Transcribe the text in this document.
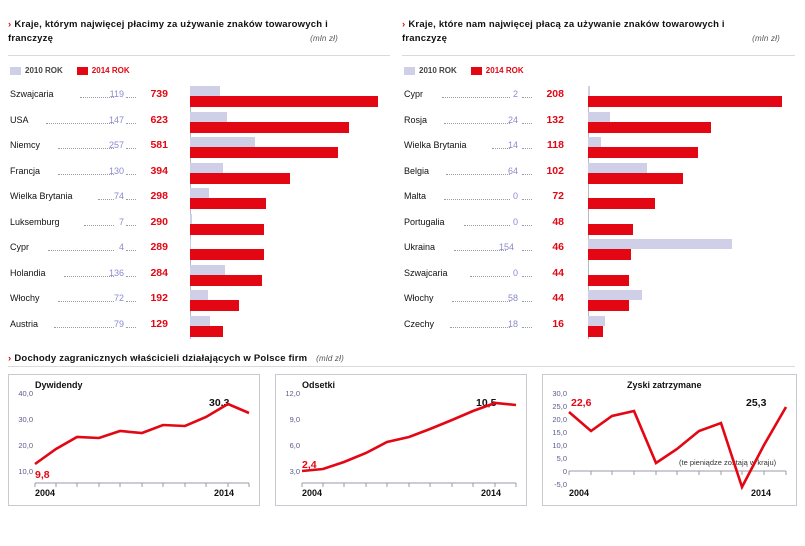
› Kraje, którym najwięcej płacimy za używanie znaków towarowych i franczyzę	(mln zł)
2010 ROK	2014 ROK
Szwajcaria	119	739
USA	147	623
Niemcy	257	581
Francja	130	394
Wielka Brytania	74	298
Luksemburg	7	290
Cypr	4	289
Holandia	136	284
Włochy	72	192
Austria	79	129
› Kraje, które nam najwięcej płacą za używanie znaków towarowych i franczyzę	(mln zł)
2010 ROK	2014 ROK
Cypr	2	208
Rosja	24	132
Wielka Brytania	14	118
Belgia	64	102
Malta	0	72
Portugalia	0	48
Ukraina	154	46
Szwajcaria	0	44
Włochy	58	44
Czechy	18	16
› Dochody zagranicznych właścicieli działających w Polsce firm (mld zł)
Dywidendy
40,0
30,0
20,0
10,0
30,3
9,8
2004	2014
Odsetki
12,0
9,0
6,0
3,0
10,5
2,4
2004	2014
Zyski zatrzymane
30,0
25,0
20,0
15,0
10,0
5,0
0
-5,0
22,6	25,3
(te pieniądze zostają w kraju)
2004	2014
